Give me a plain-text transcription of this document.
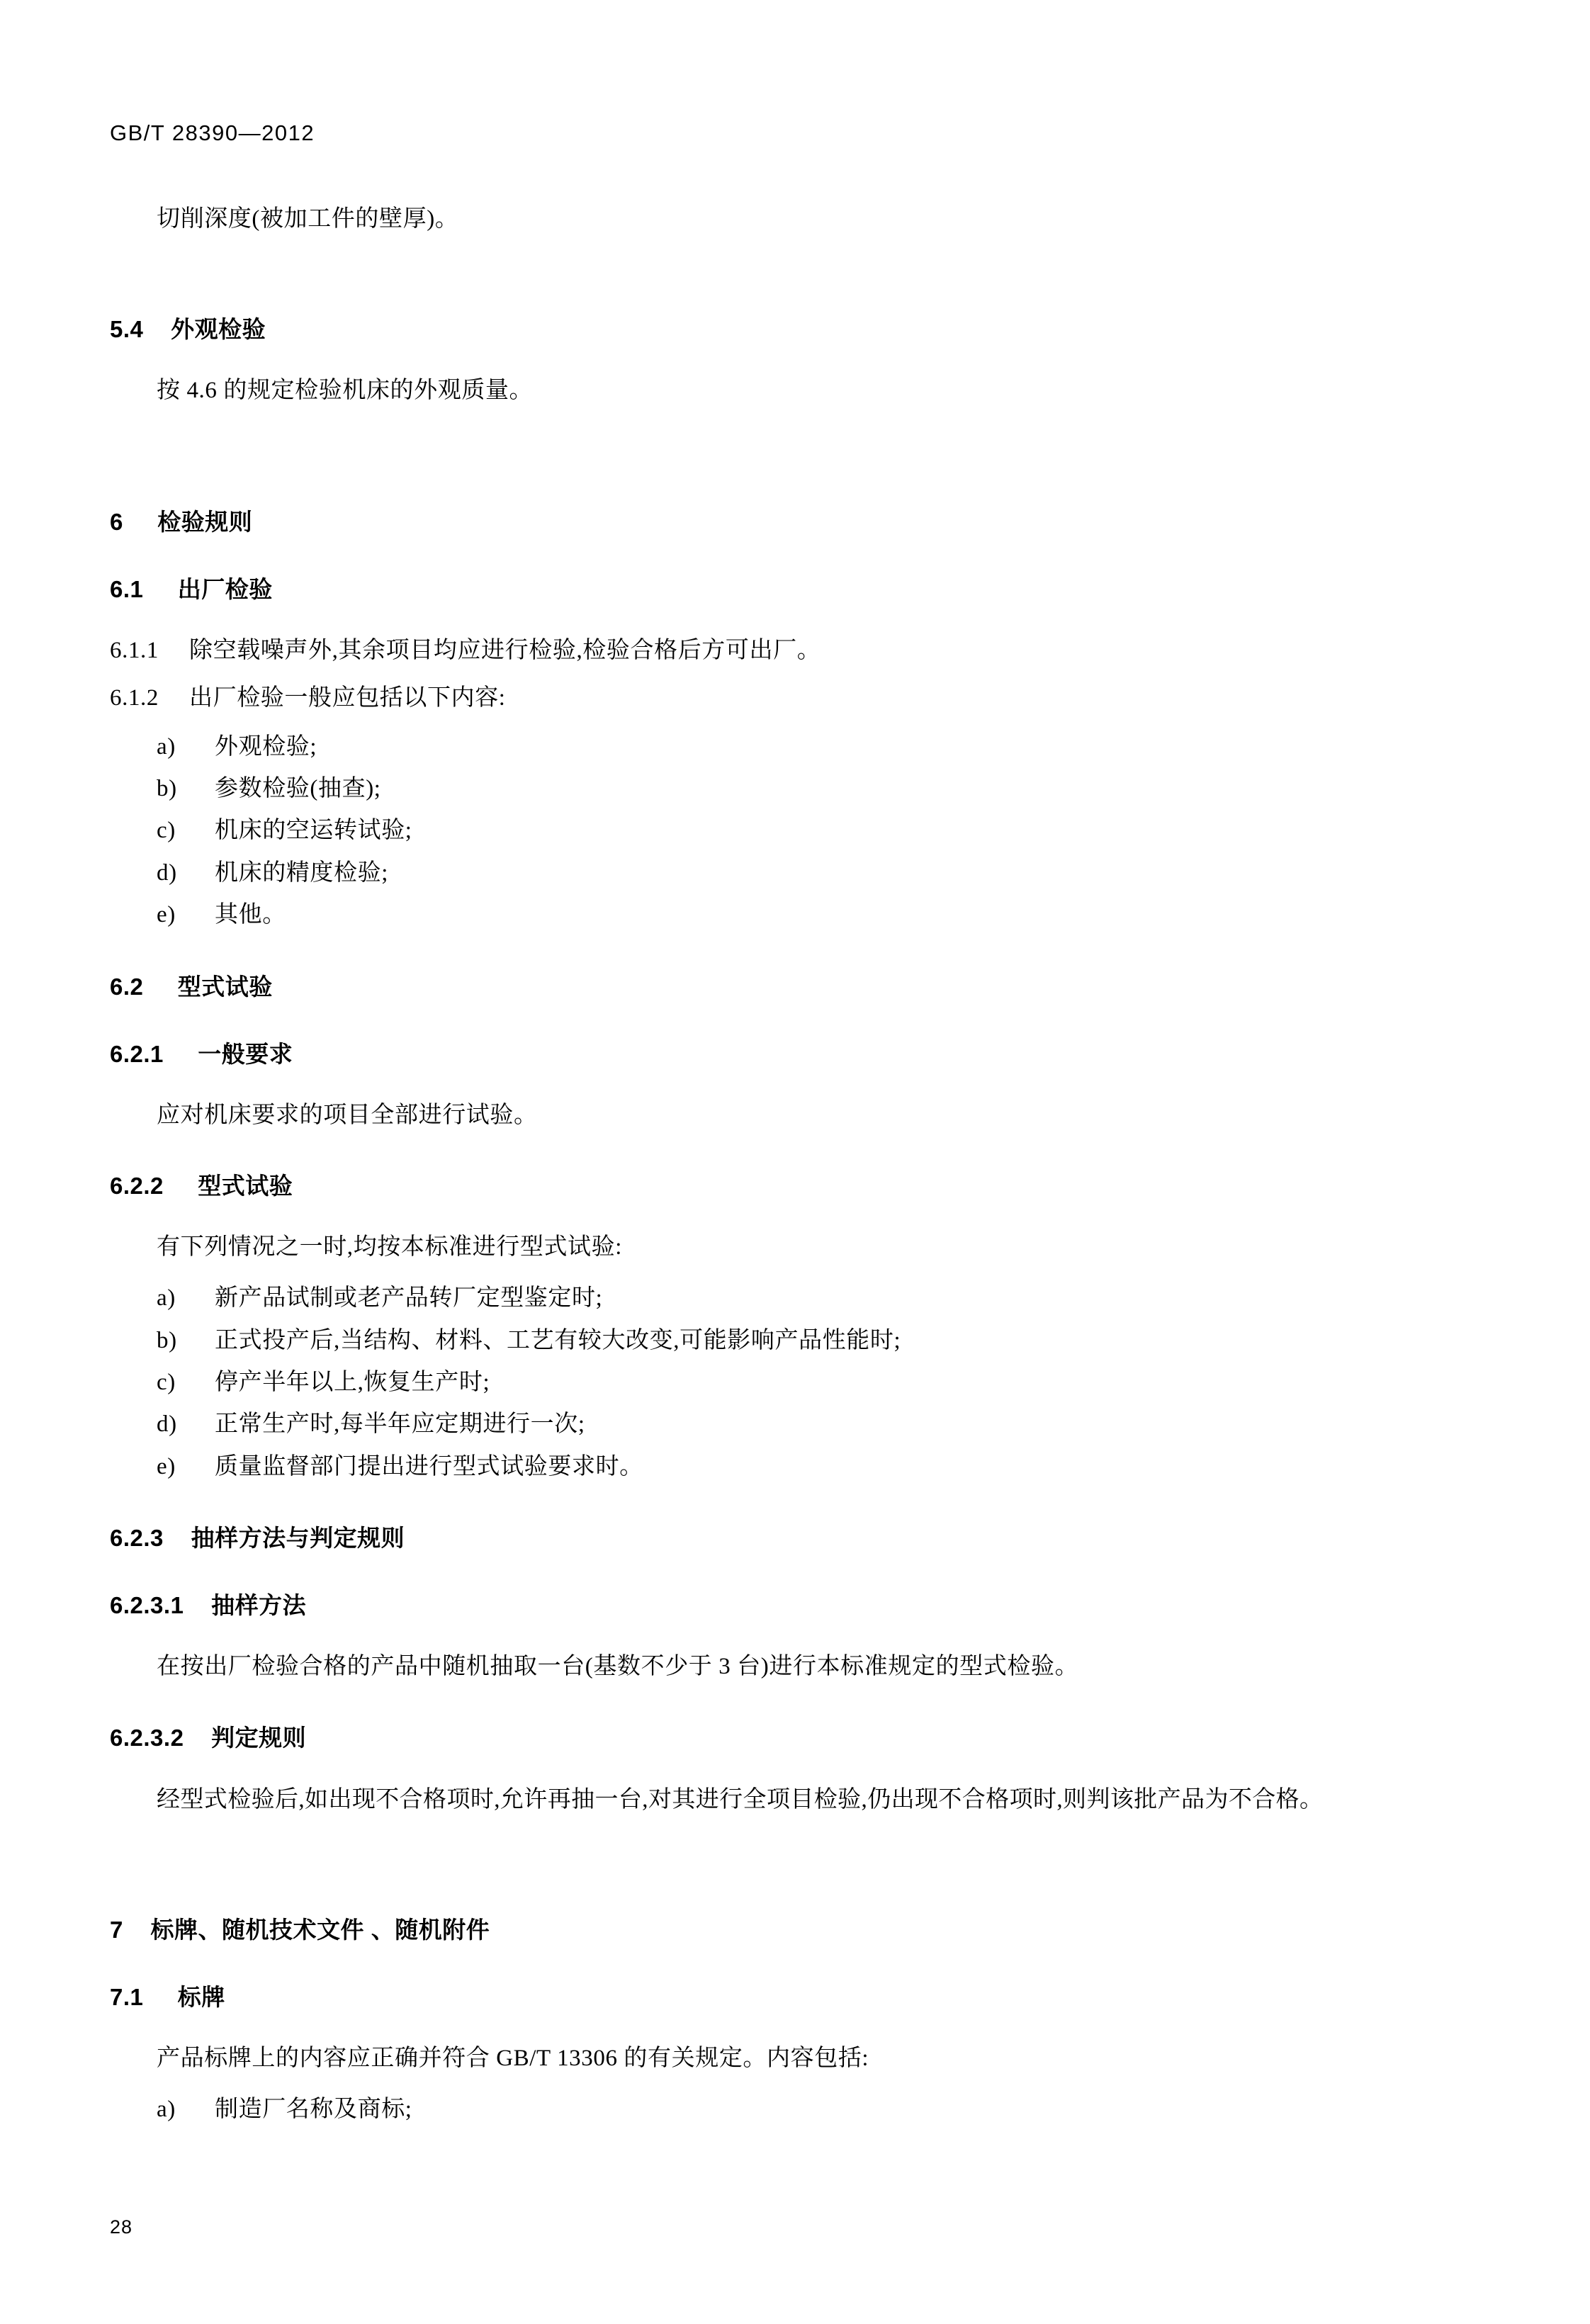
GB/T 28390—2012

切削深度(被加工件的壁厚)。

5.4 外观检验

按 4.6 的规定检验机床的外观质量。

6 检验规则
6.1 出厂检验

6.1.1 除空载噪声外,其余项目均应进行检验,检验合格后方可出厂。

6.1.2 出厂检验一般应包括以下内容:

a) 外观检验;
b) 参数检验(抽查);
c) 机床的空运转试验;
d) 机床的精度检验;
e) 其他。
6.2 型式试验
6.2.1 一般要求

应对机床要求的项目全部进行试验。

6.2.2 型式试验

有下列情况之一时,均按本标准进行型式试验:

a) 新产品试制或老产品转厂定型鉴定时;
b) 正式投产后,当结构、材料、工艺有较大改变,可能影响产品性能时;
c) 停产半年以上,恢复生产时;
d) 正常生产时,每半年应定期进行一次;
e) 质量监督部门提出进行型式试验要求时。
6.2.3 抽样方法与判定规则
6.2.3.1 抽样方法

在按出厂检验合格的产品中随机抽取一台(基数不少于 3 台)进行本标准规定的型式检验。

6.2.3.2 判定规则

经型式检验后,如出现不合格项时,允许再抽一台,对其进行全项目检验,仍出现不合格项时,则判该批产品为不合格。

7 标牌、随机技术文件 、随机附件
7.1 标牌

产品标牌上的内容应正确并符合 GB/T 13306 的有关规定。内容包括:

a) 制造厂名称及商标;
28
